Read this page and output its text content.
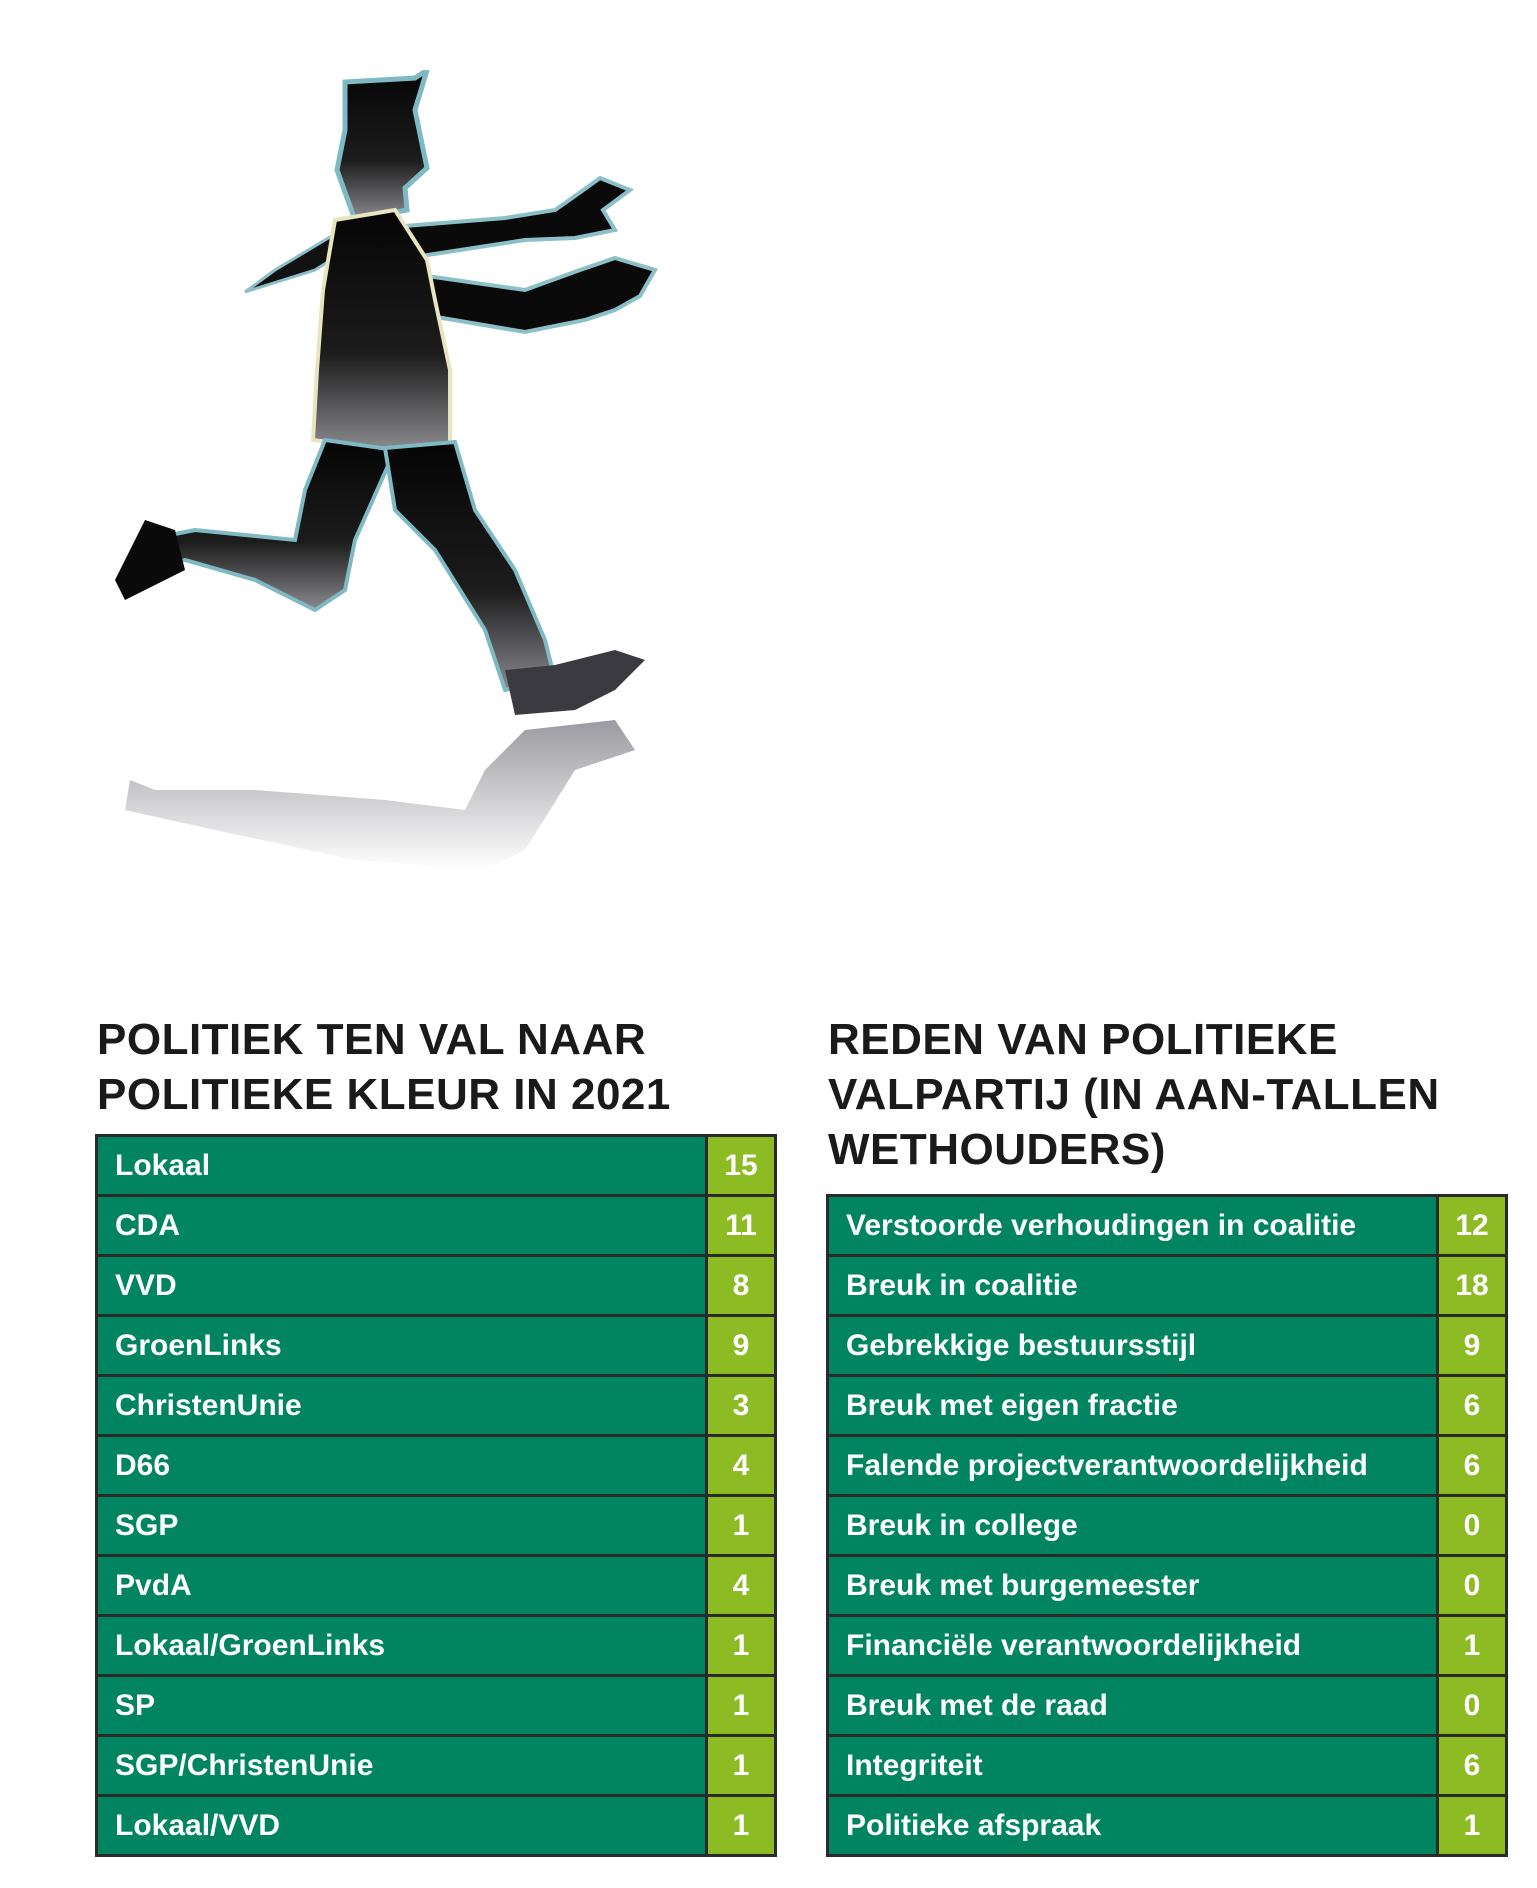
POLITIEK TEN VAL NAAR POLITIEKE KLEUR IN 2021
Lokaal	15
CDA	11
VVD	8
GroenLinks	9
ChristenUnie	3
D66	4
SGP	1
PvdA	4
Lokaal/GroenLinks	1
SP	1
SGP/ChristenUnie	1
Lokaal/VVD	1
REDEN VAN POLITIEKE VALPARTIJ (IN AAN-TALLEN WETHOUDERS)
Verstoorde verhoudingen in coalitie	12
Breuk in coalitie	18
Gebrekkige bestuursstijl	9
Breuk met eigen fractie	6
Falende projectverantwoordelijkheid	6
Breuk in college	0
Breuk met burgemeester	0
Financiële verantwoordelijkheid	1
Breuk met de raad	0
Integriteit	6
Politieke afspraak	1
